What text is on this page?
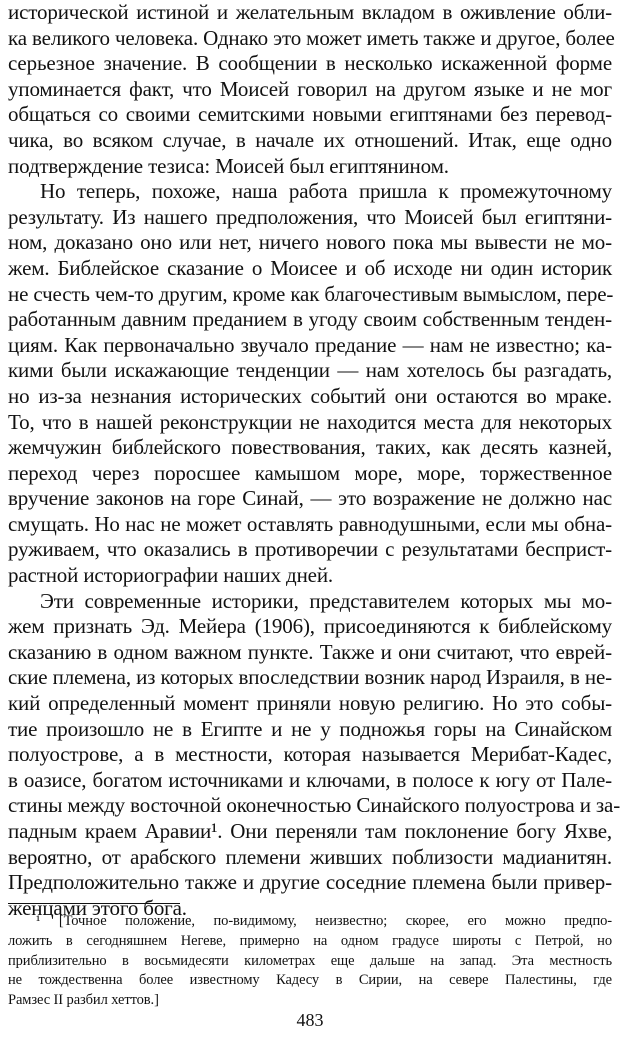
исторической истиной и желательным вкладом в оживление обли-
ка великого человека. Однако это может иметь также и другое, более
серьезное значение. В сообщении в несколько искаженной форме
упоминается факт, что Моисей говорил на другом языке и не мог
общаться со своими семитскими новыми египтянами без перевод-
чика, во всяком случае, в начале их отношений. Итак, еще одно
подтверждение тезиса: Моисей был египтянином.
Но теперь, похоже, наша работа пришла к промежуточному
результату. Из нашего предположения, что Моисей был египтяни-
ном, доказано оно или нет, ничего нового пока мы вывести не мо-
жем. Библейское сказание о Моисее и об исходе ни один историк
не счесть чем-то другим, кроме как благочестивым вымыслом, пере-
работанным давним преданием в угоду своим собственным тенден-
циям. Как первоначально звучало предание — нам не известно; ка-
кими были искажающие тенденции — нам хотелось бы разгадать,
но из-за незнания исторических событий они остаются во мраке.
То, что в нашей реконструкции не находится места для некоторых
жемчужин библейского повествования, таких, как десять казней,
переход через поросшее камышом море, море, торжественное
вручение законов на горе Синай, — это возражение не должно нас
смущать. Но нас не может оставлять равнодушными, если мы обна-
руживаем, что оказались в противоречии с результатами бесприст-
растной историографии наших дней.
Эти современные историки, представителем которых мы мо-
жем признать Эд. Мейера (1906), присоединяются к библейскому
сказанию в одном важном пункте. Также и они считают, что еврей-
ские племена, из которых впоследствии возник народ Израиля, в не-
кий определенный момент приняли новую религию. Но это собы-
тие произошло не в Египте и не у подножья горы на Синайском
полуострове, а в местности, которая называется Мерибат-Кадес,
в оазисе, богатом источниками и ключами, в полосе к югу от Пале-
стины между восточной оконечностью Синайского полуострова и за-
падным краем Аравии¹. Они переняли там поклонение богу Яхве,
вероятно, от арабского племени живших поблизости мадианитян.
Предположительно также и другие соседние племена были привер-
женцами этого бога.
¹ [Точное положение, по-видимому, неизвестно; скорее, его можно предпо-
ложить в сегодняшнем Негеве, примерно на одном градусе широты с Петрой, но
приблизительно в восьмидесяти километрах еще дальше на запад. Эта местность
не тождественна более известному Кадесу в Сирии, на севере Палестины, где
Рамзес II разбил хеттов.]
483
